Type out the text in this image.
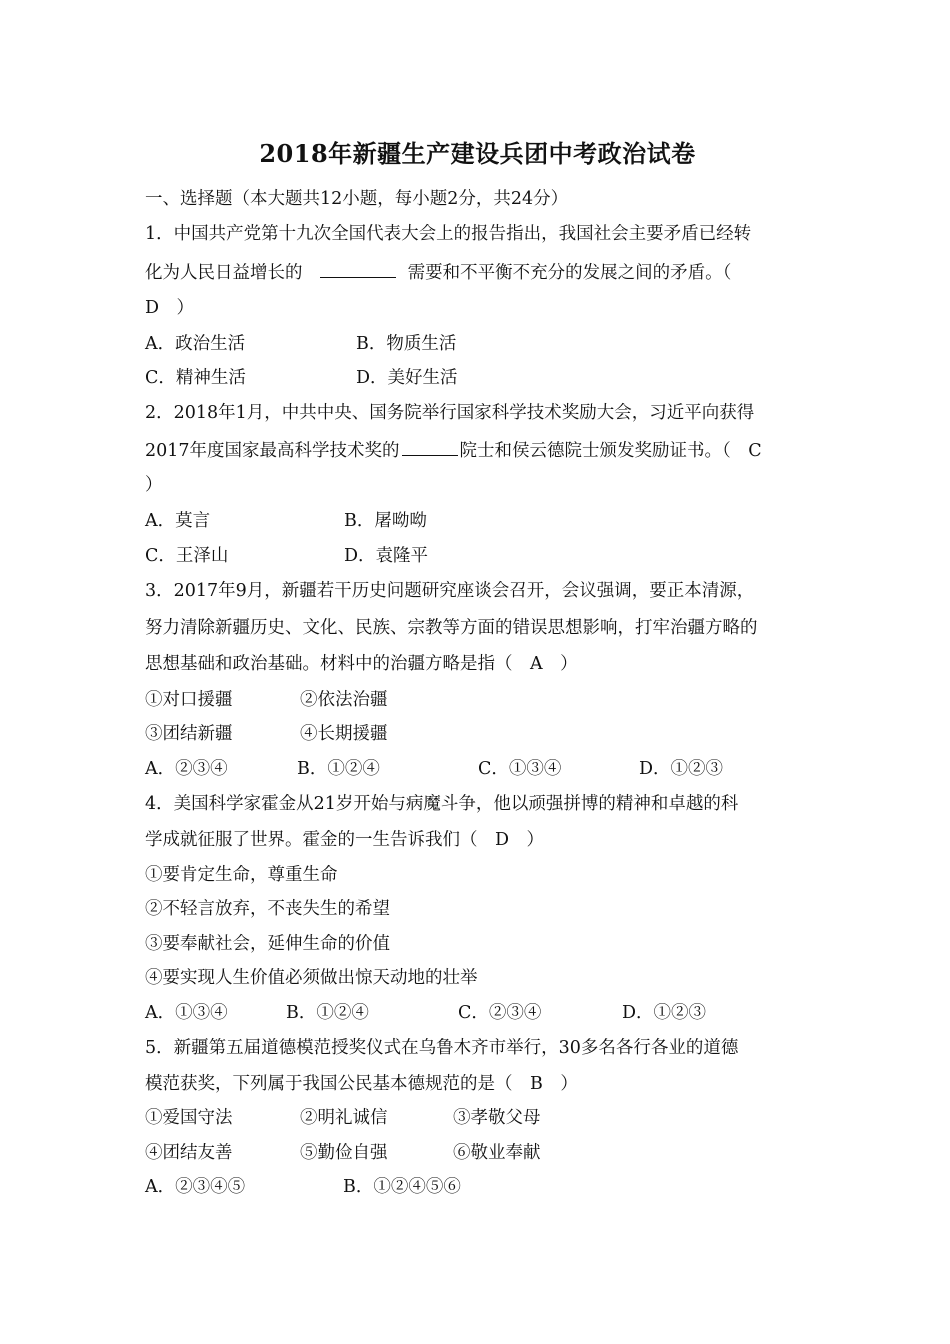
2018年新疆生产建设兵团中考政治试卷
一、选择题（本大题共12小题，每小题2分，共24分）
1．中国共产党第十九次全国代表大会上的报告指出，我国社会主要矛盾已经转
化为人民日益增长的	需要和不平衡不充分的发展之间的矛盾。（
D　）
A．政治生活	B．物质生活
C．精神生活	D．美好生活
2．2018年1月，中共中央、国务院举行国家科学技术奖励大会，习近平向获得
2017年度国家最高科学技术奖的	院士和侯云德院士颁发奖励证书。（　C
）
A．莫言	B．屠呦呦
C．王泽山	D．袁隆平
3．2017年9月，新疆若干历史问题研究座谈会召开，会议强调，要正本清源，
努力清除新疆历史、文化、民族、宗教等方面的错误思想影响，打牢治疆方略的
思想基础和政治基础。材料中的治疆方略是指（　A　）
①对口援疆	②依法治疆
③团结新疆	④长期援疆
A．②③④	B．①②④	C．①③④	D．①②③
4．美国科学家霍金从21岁开始与病魔斗争，他以顽强拼博的精神和卓越的科
学成就征服了世界。霍金的一生告诉我们（　D　）
①要肯定生命，尊重生命
②不轻言放弃，不丧失生的希望
③要奉献社会，延伸生命的价值
④要实现人生价值必须做出惊天动地的壮举
A．①③④	B．①②④	C．②③④	D．①②③
5．新疆第五届道德模范授奖仪式在乌鲁木齐市举行，30多名各行各业的道德
模范获奖，下列属于我国公民基本德规范的是（　B　）
①爱国守法	②明礼诚信	③孝敬父母
④团结友善	⑤勤俭自强	⑥敬业奉献
A．②③④⑤	B．①②④⑤⑥
